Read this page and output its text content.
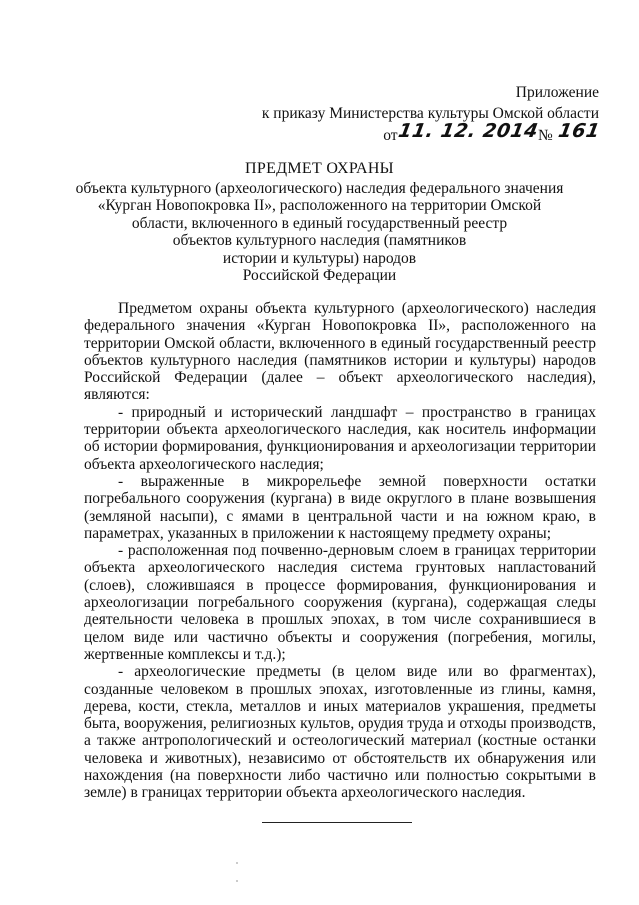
Приложение
к приказу Министерства культуры Омской области
от11. 12. 2014№ 161
ПРЕДМЕТ ОХРАНЫ
объекта культурного (археологического) наследия федерального значения
«Курган Новопокровка II», расположенного на территории Омской
области, включенного в единый государственный реестр
объектов культурного наследия (памятников
истории и культуры) народов
Российской Федерации

Предметом охраны объекта культурного (археологического) наследия федерального значения «Курган Новопокровка II», расположенного на территории Омской области, включенного в единый государственный реестр объектов культурного наследия (памятников истории и культуры) народов Российской Федерации (далее – объект археологического наследия), являются:

- природный и исторический ландшафт – пространство в границах территории объекта археологического наследия, как носитель информации об истории формирования, функционирования и археологизации территории объекта археологического наследия;

- выраженные в микрорельефе земной поверхности остатки погребального сооружения (кургана) в виде округлого в плане возвышения (земляной насыпи), с ямами в центральной части и на южном краю, в параметрах, указанных в приложении к настоящему предмету охраны;

- расположенная под почвенно-дерновым слоем в границах территории объекта археологического наследия система грунтовых напластований (слоев), сложившаяся в процессе формирования, функционирования и археологизации погребального сооружения (кургана), содержащая следы деятельности человека в прошлых эпохах, в том числе сохранившиеся в целом виде или частично объекты и сооружения (погребения, могилы, жертвенные комплексы и т.д.);

- археологические предметы (в целом виде или во фрагментах), созданные человеком в прошлых эпохах, изготовленные из глины, камня, дерева, кости, стекла, металлов и иных материалов украшения, предметы быта, вооружения, религиозных культов, орудия труда и отходы производств, а также антропологический и остеологический материал (костные останки человека и животных), независимо от обстоятельств их обнаружения или нахождения (на поверхности либо частично или полностью сокрытыми в земле) в границах территории объекта археологического наследия.
